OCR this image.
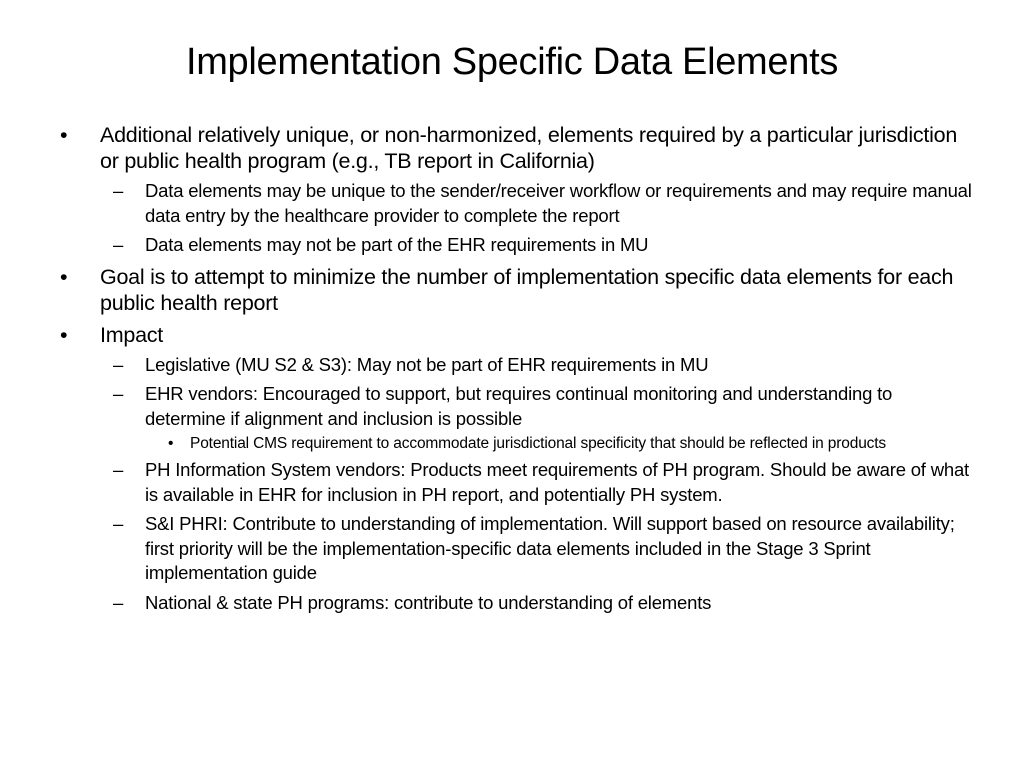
Implementation Specific Data Elements
• Additional relatively unique, or non-harmonized, elements required by a particular jurisdiction or public health program (e.g., TB report in California)
– Data elements may be unique to the sender/receiver workflow or requirements and may require manual data entry by the healthcare provider to complete the report
– Data elements may not be part of the EHR requirements in MU
• Goal is to attempt to minimize the number of implementation specific data elements for each public health report
• Impact
– Legislative (MU S2 & S3): May not be part of EHR requirements in MU
– EHR vendors: Encouraged to support, but requires continual monitoring and understanding to determine if alignment and inclusion is possible
• Potential CMS requirement to accommodate jurisdictional specificity that should be reflected in products
– PH Information System vendors: Products meet requirements of PH program. Should be aware of what is available in EHR for inclusion in PH report, and potentially PH system.
– S&I PHRI: Contribute to understanding of implementation. Will support based on resource availability; first priority will be the implementation-specific data elements included in the Stage 3 Sprint implementation guide
– National & state PH programs: contribute to understanding of elements
